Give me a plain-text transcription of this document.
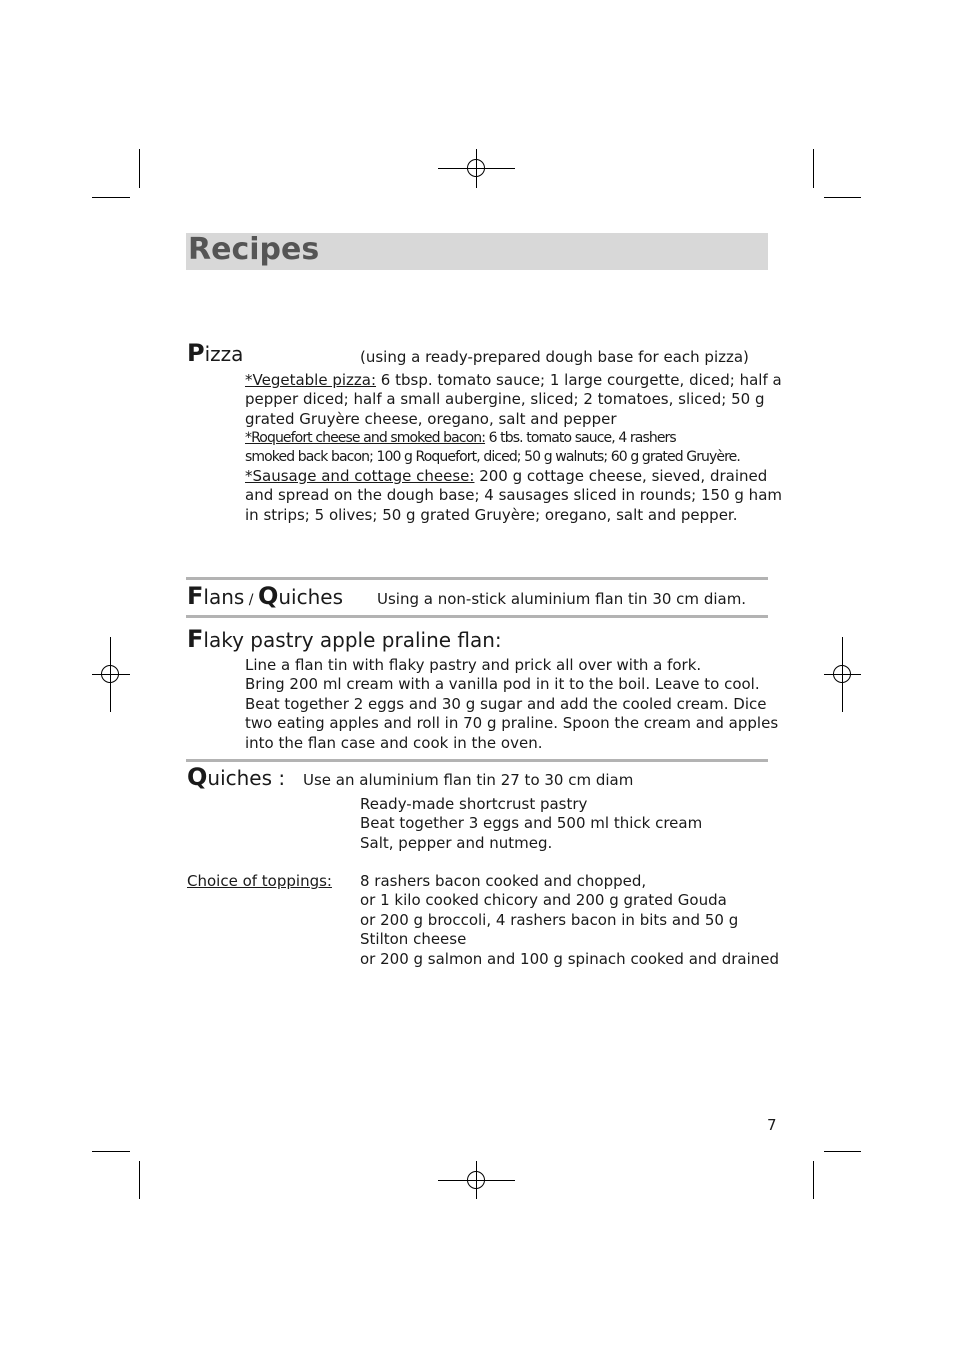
Recipes
Pizza	(using a ready-prepared dough base for each pizza)
*Vegetable pizza: 6 tbsp. tomato sauce; 1 large courgette, diced; half a
pepper diced; half a small aubergine, sliced; 2 tomatoes, sliced; 50 g
grated Gruyère cheese, oregano, salt and pepper
*Roquefort cheese and smoked bacon: 6 tbs. tomato sauce, 4 rashers
smoked back bacon; 100 g Roquefort, diced; 50 g walnuts; 60 g grated Gruyère.
*Sausage and cottage cheese: 200 g cottage cheese, sieved, drained
and spread on the dough base; 4 sausages sliced in rounds; 150 g ham
in strips; 5 olives; 50 g grated Gruyère; oregano, salt and pepper.
Flans / Quiches Using a non-stick aluminium flan tin 30 cm diam.
Flaky pastry apple praline flan:
Line a flan tin with flaky pastry and prick all over with a fork.
Bring 200 ml cream with a vanilla pod in it to the boil. Leave to cool.
Beat together 2 eggs and 30 g sugar and add the cooled cream. Dice
two eating apples and roll in 70 g praline. Spoon the cream and apples
into the flan case and cook in the oven.
Quiches : Use an aluminium flan tin 27 to 30 cm diam
Ready-made shortcrust pastry
Beat together 3 eggs and 500 ml thick cream
Salt, pepper and nutmeg.
Choice of toppings: 8 rashers bacon cooked and chopped,
or 1 kilo cooked chicory and 200 g grated Gouda
or 200 g broccoli, 4 rashers bacon in bits and 50 g
Stilton cheese
or 200 g salmon and 100 g spinach cooked and drained
7
